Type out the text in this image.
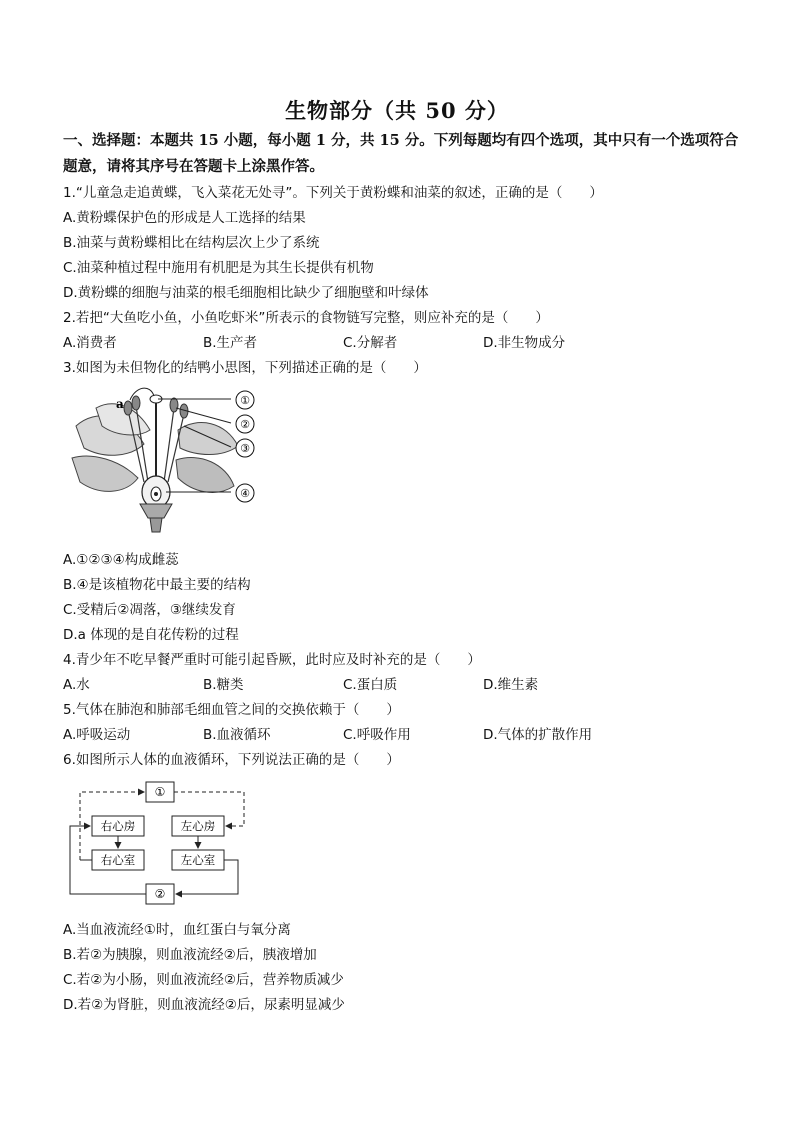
生物部分（共 50 分）
一、选择题：本题共 15 小题，每小题 1 分，共 15 分。下列每题均有四个选项，其中只有一个选项符合题意，请将其序号在答题卡上涂黑作答。
1.“儿童急走追黄蝶，飞入菜花无处寻”。下列关于黄粉蝶和油菜的叙述，正确的是（　　）
A.黄粉蝶保护色的形成是人工选择的结果
B.油菜与黄粉蝶相比在结构层次上少了系统
C.油菜种植过程中施用有机肥是为其生长提供有机物
D.黄粉蝶的细胞与油菜的根毛细胞相比缺少了细胞壁和叶绿体
2.若把“大鱼吃小鱼，小鱼吃虾米”所表示的食物链写完整，则应补充的是（　　）
A.消费者	B.生产者	C.分解者	D.非生物成分
3.如图为未但物化的结鸭小思图，下列描述正确的是（　　）
a	①
②
③
④
A.①②③④构成雌蕊
B.④是该植物花中最主要的结构
C.受精后②凋落，③继续发育
D.a 体现的是自花传粉的过程
4.青少年不吃早餐严重时可能引起昏厥，此时应及时补充的是（　　）
A.水	B.糖类	C.蛋白质	D.维生素
5.气体在肺泡和肺部毛细血管之间的交换依赖于（　　）
A.呼吸运动	B.血液循环	C.呼吸作用	D.气体的扩散作用
6.如图所示人体的血液循环，下列说法正确的是（　　）
①
②
右心房	左心房
右心室	左心室
A.当血液流经①时，血红蛋白与氧分离
B.若②为胰腺，则血液流经②后，胰液增加
C.若②为小肠，则血液流经②后，营养物质减少
D.若②为肾脏，则血液流经②后，尿素明显减少
